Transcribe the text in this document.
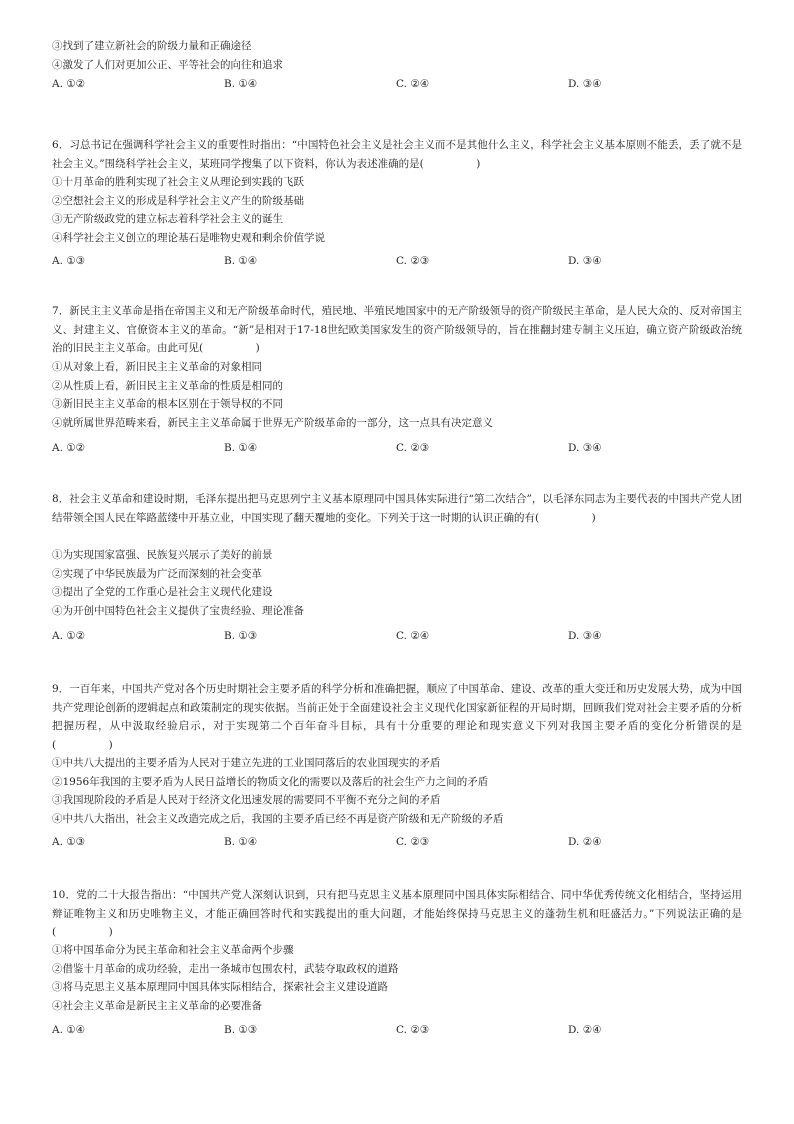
③找到了建立新社会的阶级力量和正确途径
④激发了人们对更加公正、平等社会的向往和追求
A. ①②	B. ①④	C. ②④	D. ③④
6．习总书记在强调科学社会主义的重要性时指出：“中国特色社会主义是社会主义而不是其他什么主义，科学社会主义基本原则不能丢，丢了就不是社会主义。”围绕科学社会主义，某班同学搜集了以下资料，你认为表述准确的是(　　　　　)
①十月革命的胜利实现了社会主义从理论到实践的飞跃
②空想社会主义的形成是科学社会主义产生的阶级基础
③无产阶级政党的建立标志着科学社会主义的诞生
④科学社会主义创立的理论基石是唯物史观和剩余价值学说
A. ①③	B. ①④	C. ②③	D. ③④
7．新民主主义革命是指在帝国主义和无产阶级革命时代，殖民地、半殖民地国家中的无产阶级领导的资产阶级民主革命，是人民大众的、反对帝国主义、封建主义、官僚资本主义的革命。“新”是相对于17-18世纪欧美国家发生的资产阶级领导的，旨在推翻封建专制主义压迫，确立资产阶级政治统治的旧民主主义革命。由此可见(　　　　　)
①从对象上看，新旧民主主义革命的对象相同
②从性质上看，新旧民主主义革命的性质是相同的
③新旧民主主义革命的根本区别在于领导权的不同
④就所属世界范畴来看，新民主主义革命属于世界无产阶级革命的一部分，这一点具有决定意义
A. ①②	B. ①④	C. ②③	D. ③④
8．社会主义革命和建设时期，毛泽东提出把马克思列宁主义基本原理同中国具体实际进行“第二次结合”，以毛泽东同志为主要代表的中国共产党人团结带领全国人民在筚路蓝缕中开基立业，中国实现了翻天覆地的变化。下列关于这一时期的认识正确的有(　　　　　)
①为实现国家富强、民族复兴展示了美好的前景
②实现了中华民族最为广泛而深刻的社会变革
③提出了全党的工作重心是社会主义现代化建设
④为开创中国特色社会主义提供了宝贵经验、理论准备
A. ①②	B. ①③	C. ②④	D. ③④
9．一百年来，中国共产党对各个历史时期社会主要矛盾的科学分析和准确把握，顺应了中国革命、建设、改革的重大变迁和历史发展大势，成为中国共产党理论创新的逻辑起点和政策制定的现实依据。当前正处于全面建设社会主义现代化国家新征程的开局时期，回顾我们党对社会主要矛盾的分析把握历程，从中汲取经验启示，对于实现第二个百年奋斗目标，具有十分重要的理论和现实意义下列对我国主要矛盾的变化分析错误的是(　　　　　)
①中共八大提出的主要矛盾为人民对于建立先进的工业国同落后的农业国现实的矛盾
②1956年我国的主要矛盾为人民日益增长的物质文化的需要以及落后的社会生产力之间的矛盾
③我国现阶段的矛盾是人民对于经济文化迅速发展的需要同不平衡不充分之间的矛盾
④中共八大指出，社会主义改造完成之后，我国的主要矛盾已经不再是资产阶级和无产阶级的矛盾
A. ①③	B. ①④	C. ②③	D. ②④
10．党的二十大报告指出：“中国共产党人深刻认识到，只有把马克思主义基本原理同中国具体实际相结合、同中华优秀传统文化相结合，坚持运用辩证唯物主义和历史唯物主义，才能正确回答时代和实践提出的重大问题，才能始终保持马克思主义的蓬勃生机和旺盛活力。”下列说法正确的是(　　　　　)
①将中国革命分为民主革命和社会主义革命两个步骤
②借鉴十月革命的成功经验，走出一条城市包围农村，武装夺取政权的道路
③将马克思主义基本原理同中国具体实际相结合，探索社会主义建设道路
④社会主义革命是新民主主义革命的必要准备
A. ①④	B. ①③	C. ②③	D. ②④
